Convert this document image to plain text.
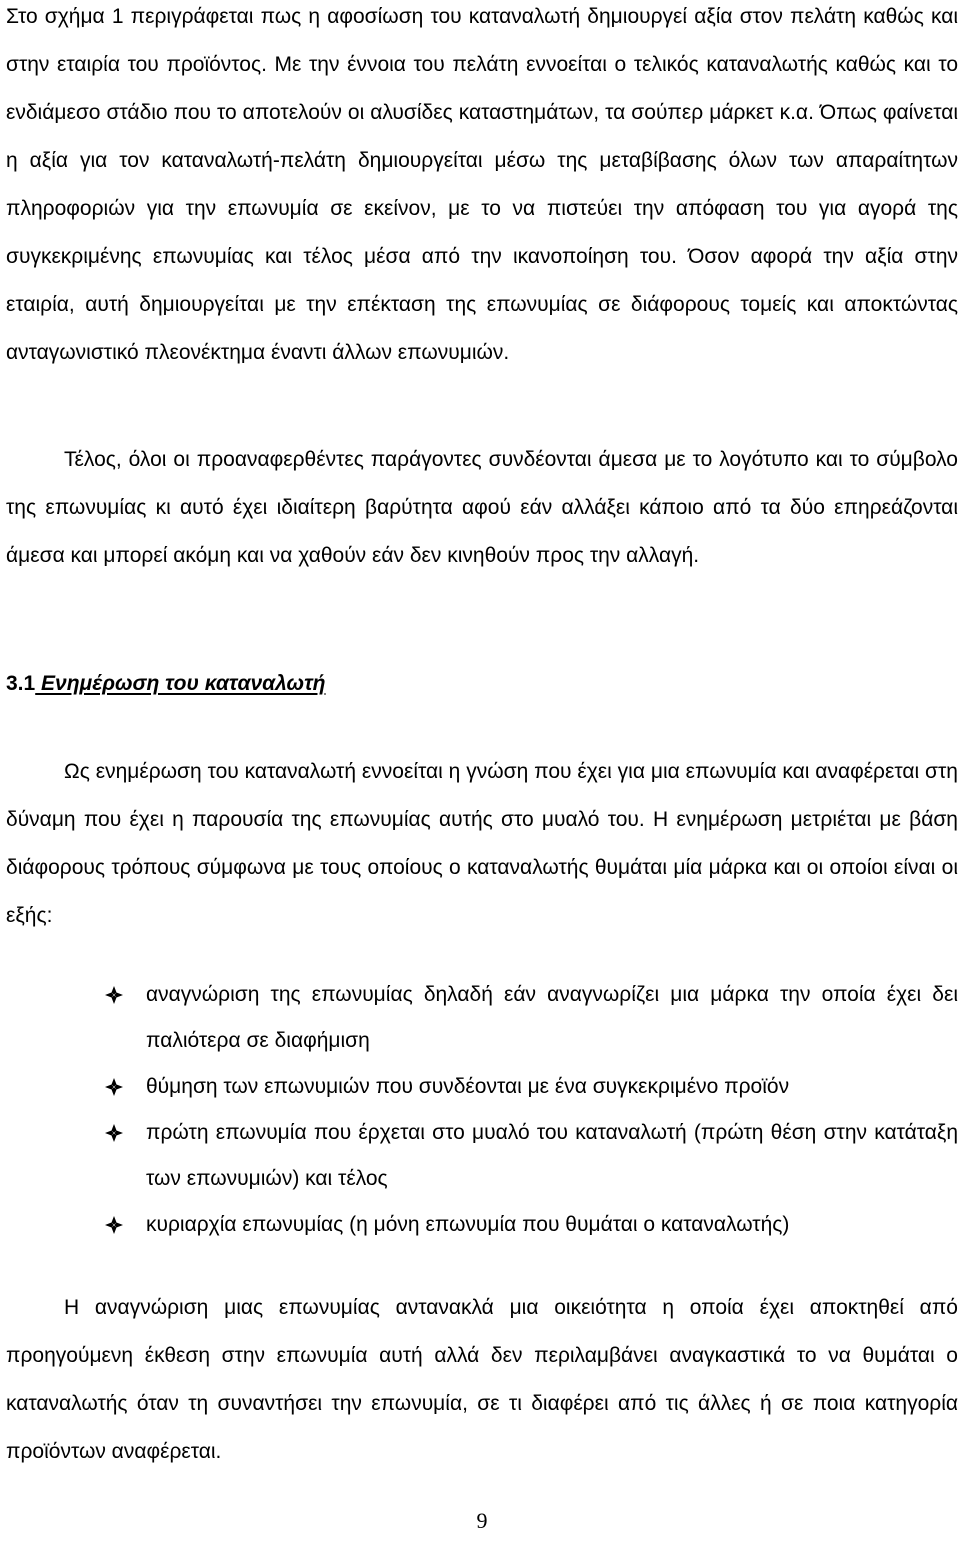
Στο σχήμα 1 περιγράφεται πως η αφοσίωση του καταναλωτή δημιουργεί αξία στον πελάτη καθώς και στην εταιρία του προϊόντος. Με την έννοια του πελάτη εννοείται ο τελικός καταναλωτής καθώς και το ενδιάμεσο στάδιο που το αποτελούν οι αλυσίδες καταστημάτων, τα σούπερ μάρκετ κ.α. Όπως φαίνεται η αξία για τον καταναλωτή-πελάτη δημιουργείται μέσω της μεταβίβασης όλων των απαραίτητων πληροφοριών για την επωνυμία σε εκείνον, με το να πιστεύει την απόφαση του για αγορά της συγκεκριμένης επωνυμίας και τέλος μέσα από την ικανοποίηση του. Όσον αφορά την αξία στην εταιρία, αυτή δημιουργείται με την επέκταση της επωνυμίας σε διάφορους τομείς και αποκτώντας ανταγωνιστικό πλεονέκτημα έναντι άλλων επωνυμιών.

Τέλος, όλοι οι προαναφερθέντες παράγοντες συνδέονται άμεσα με το λογότυπο και το σύμβολο της επωνυμίας κι αυτό έχει ιδιαίτερη βαρύτητα αφού εάν αλλάξει κάποιο από τα δύο επηρεάζονται άμεσα και μπορεί ακόμη και να χαθούν εάν δεν κινηθούν προς την αλλαγή.

3.1 Ενημέρωση του καταναλωτή

Ως ενημέρωση του καταναλωτή εννοείται η γνώση που έχει για μια επωνυμία και αναφέρεται στη δύναμη που έχει η παρουσία της επωνυμίας αυτής στο μυαλό του. Η ενημέρωση μετριέται με βάση διάφορους τρόπους σύμφωνα με τους οποίους ο καταναλωτής θυμάται μία μάρκα και οι οποίοι είναι οι εξής:

αναγνώριση της επωνυμίας δηλαδή εάν αναγνωρίζει μια μάρκα την οποία έχει δει παλιότερα σε διαφήμιση
θύμηση των επωνυμιών που συνδέονται με ένα συγκεκριμένο προϊόν
πρώτη επωνυμία που έρχεται στο μυαλό του καταναλωτή (πρώτη θέση στην κατάταξη των επωνυμιών) και τέλος
κυριαρχία επωνυμίας (η μόνη επωνυμία που θυμάται ο καταναλωτής)

Η αναγνώριση μιας επωνυμίας αντανακλά μια οικειότητα η οποία έχει αποκτηθεί από προηγούμενη έκθεση στην επωνυμία αυτή αλλά δεν περιλαμβάνει αναγκαστικά το να θυμάται ο καταναλωτής όταν τη συναντήσει την επωνυμία, σε τι διαφέρει από τις άλλες ή σε ποια κατηγορία προϊόντων αναφέρεται.

9
